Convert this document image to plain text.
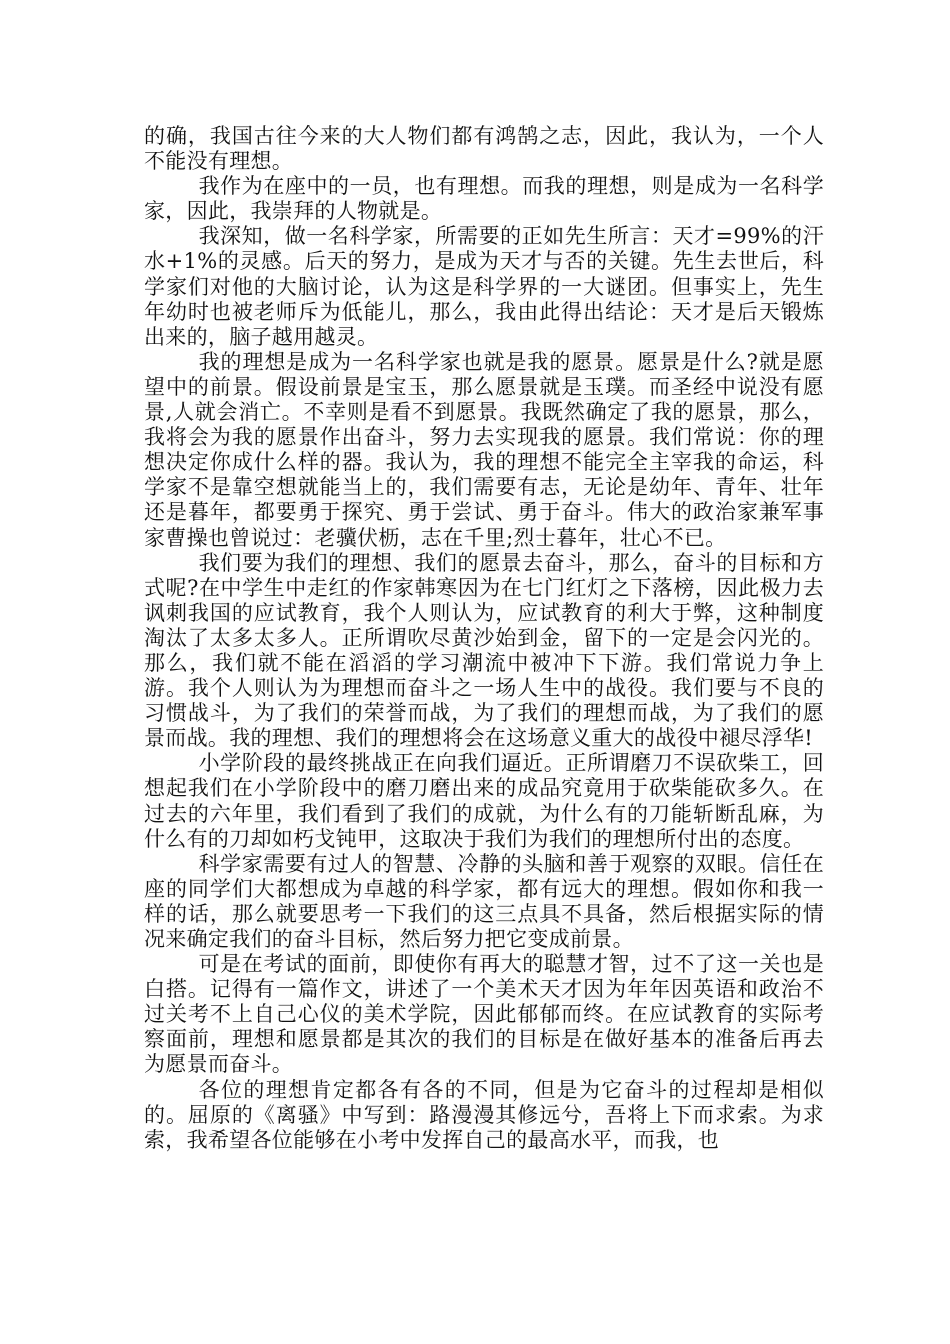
的确，我国古往今来的大人物们都有鸿鹄之志，因此，我认为，一个人不能没有理想。

我作为在座中的一员，也有理想。而我的理想，则是成为一名科学家，因此，我崇拜的人物就是。

我深知，做一名科学家，所需要的正如先生所言：天才=99%的汗水+1%的灵感。后天的努力，是成为天才与否的关键。先生去世后，科学家们对他的大脑讨论，认为这是科学界的一大谜团。但事实上，先生年幼时也被老师斥为低能儿，那么，我由此得出结论：天才是后天锻炼出来的，脑子越用越灵。

我的理想是成为一名科学家也就是我的愿景。愿景是什么?就是愿望中的前景。假设前景是宝玉，那么愿景就是玉璞。而圣经中说没有愿景,人就会消亡。不幸则是看不到愿景。我既然确定了我的愿景，那么，我将会为我的愿景作出奋斗，努力去实现我的愿景。我们常说：你的理想决定你成什么样的器。我认为，我的理想不能完全主宰我的命运，科学家不是靠空想就能当上的，我们需要有志，无论是幼年、青年、壮年还是暮年，都要勇于探究、勇于尝试、勇于奋斗。伟大的政治家兼军事家曹操也曾说过：老骥伏枥，志在千里;烈士暮年，壮心不已。

我们要为我们的理想、我们的愿景去奋斗，那么，奋斗的目标和方式呢?在中学生中走红的作家韩寒因为在七门红灯之下落榜，因此极力去讽刺我国的应试教育，我个人则认为，应试教育的利大于弊，这种制度淘汰了太多太多人。正所谓吹尽黄沙始到金，留下的一定是会闪光的。那么，我们就不能在滔滔的学习潮流中被冲下下游。我们常说力争上游。我个人则认为为理想而奋斗之一场人生中的战役。我们要与不良的习惯战斗，为了我们的荣誉而战，为了我们的理想而战，为了我们的愿景而战。我的理想、我们的理想将会在这场意义重大的战役中褪尽浮华!

小学阶段的最终挑战正在向我们逼近。正所谓磨刀不误砍柴工，回想起我们在小学阶段中的磨刀磨出来的成品究竟用于砍柴能砍多久。在过去的六年里，我们看到了我们的成就，为什么有的刀能斩断乱麻，为什么有的刀却如朽戈钝甲，这取决于我们为我们的理想所付出的态度。

科学家需要有过人的智慧、冷静的头脑和善于观察的双眼。信任在座的同学们大都想成为卓越的科学家，都有远大的理想。假如你和我一样的话，那么就要思考一下我们的这三点具不具备，然后根据实际的情况来确定我们的奋斗目标，然后努力把它变成前景。

可是在考试的面前，即使你有再大的聪慧才智，过不了这一关也是白搭。记得有一篇作文，讲述了一个美术天才因为年年因英语和政治不过关考不上自己心仪的美术学院，因此郁郁而终。在应试教育的实际考察面前，理想和愿景都是其次的我们的目标是在做好基本的准备后再去为愿景而奋斗。

各位的理想肯定都各有各的不同，但是为它奋斗的过程却是相似的。屈原的《离骚》中写到：路漫漫其修远兮，吾将上下而求索。为求索，我希望各位能够在小考中发挥自己的最高水平，而我，也
